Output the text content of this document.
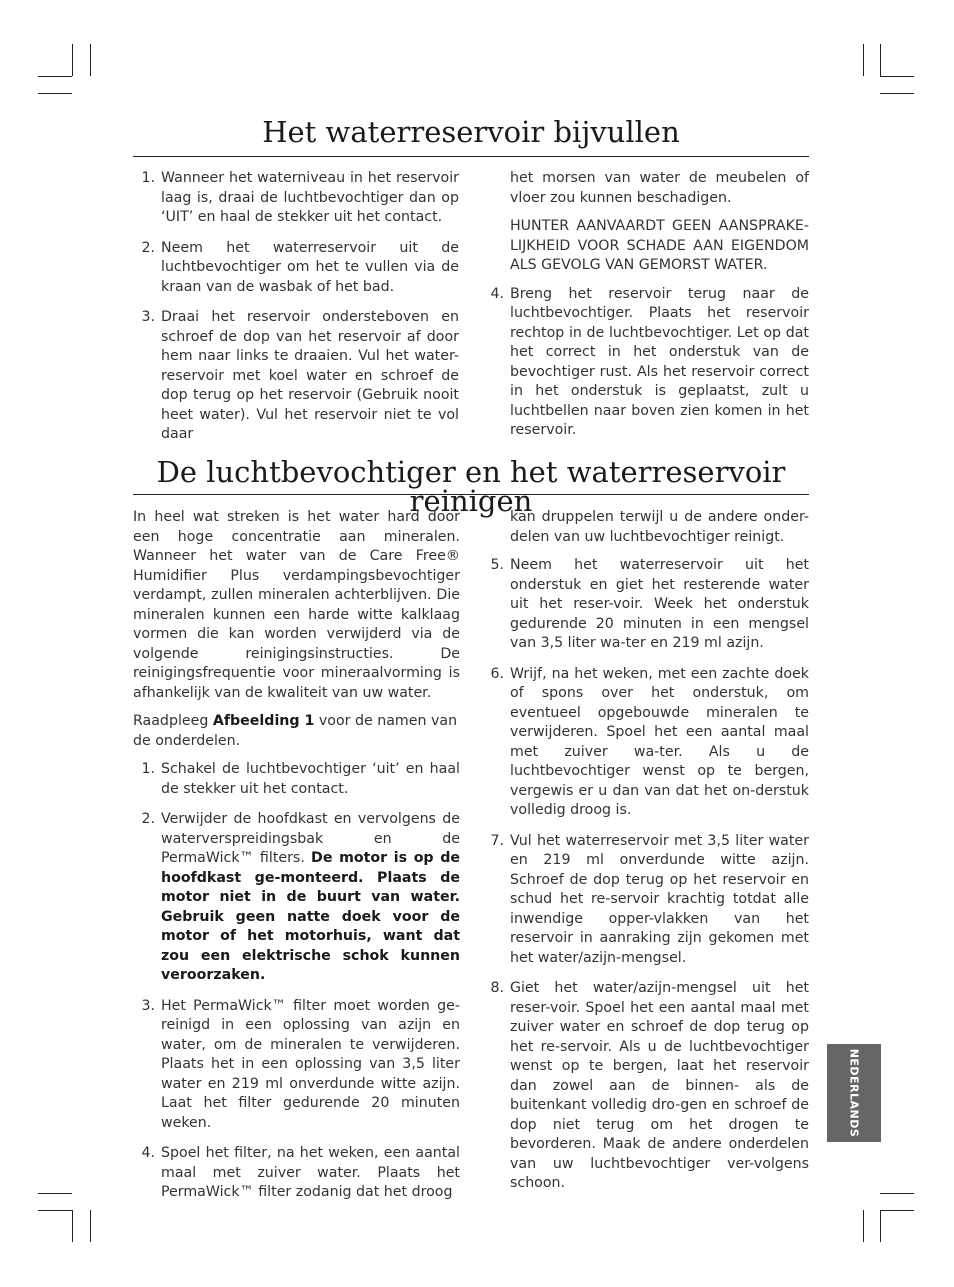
Het waterreservoir bijvullen
1. Wanneer het waterniveau in het reservoir laag is, draai de luchtbevochtiger dan op ‘UIT’ en haal de stekker uit het contact.
2. Neem het waterreservoir uit de luchtbevochtiger om het te vullen via de kraan van de wasbak of het bad.
3. Draai het reservoir ondersteboven en schroef de dop van het reservoir af door hem naar links te draaien. Vul het water-reservoir met koel water en schroef de dop terug op het reservoir (Gebruik nooit heet water). Vul het reservoir niet te vol daar

het morsen van water de meubelen of vloer zou kunnen beschadigen.

HUNTER AANVAARDT GEEN AANSPRAKE-LIJKHEID VOOR SCHADE AAN EIGENDOM ALS GEVOLG VAN GEMORST WATER.

4. Breng het reservoir terug naar de luchtbevochtiger. Plaats het reservoir rechtop in de luchtbevochtiger. Let op dat het correct in het onderstuk van de bevochtiger rust. Als het reservoir correct in het onderstuk is geplaatst, zult u luchtbellen naar boven zien komen in het reservoir.
De luchtbevochtiger en het waterreservoir reinigen

In heel wat streken is het water hard door een hoge concentratie aan mineralen. Wanneer het water van de Care Free® Humidifier Plus verdampingsbevochtiger verdampt, zullen mineralen achterblijven. Die mineralen kunnen een harde witte kalklaag vormen die kan worden verwijderd via de volgende reinigingsinstructies. De reinigingsfrequentie voor mineraalvorming is afhankelijk van de kwaliteit van uw water.

Raadpleeg Afbeelding 1 voor de namen van de onderdelen.

1. Schakel de luchtbevochtiger ‘uit’ en haal de stekker uit het contact.
2. Verwijder de hoofdkast en vervolgens de waterverspreidingsbak en de PermaWick™ filters. De motor is op de hoofdkast ge-monteerd. Plaats de motor niet in de buurt van water. Gebruik geen natte doek voor de motor of het motorhuis, want dat zou een elektrische schok kunnen veroorzaken.
3. Het PermaWick™ filter moet worden ge-reinigd in een oplossing van azijn en water, om de mineralen te verwijderen. Plaats het in een oplossing van 3,5 liter water en 219 ml onverdunde witte azijn. Laat het filter gedurende 20 minuten weken.
4. Spoel het filter, na het weken, een aantal maal met zuiver water. Plaats het PermaWick™ filter zodanig dat het droog

kan druppelen terwijl u de andere onder-delen van uw luchtbevochtiger reinigt.

5. Neem het waterreservoir uit het onderstuk en giet het resterende water uit het reser-voir. Week het onderstuk gedurende 20 minuten in een mengsel van 3,5 liter wa-ter en 219 ml azijn.
6. Wrijf, na het weken, met een zachte doek of spons over het onderstuk, om eventueel opgebouwde mineralen te verwijderen. Spoel het een aantal maal met zuiver wa-ter. Als u de luchtbevochtiger wenst op te bergen, vergewis er u dan van dat het on-derstuk volledig droog is.
7. Vul het waterreservoir met 3,5 liter water en 219 ml onverdunde witte azijn. Schroef de dop terug op het reservoir en schud het re-servoir krachtig totdat alle inwendige opper-vlakken van het reservoir in aanraking zijn gekomen met het water/azijn-mengsel.
8. Giet het water/azijn-mengsel uit het reser-voir. Spoel het een aantal maal met zuiver water en schroef de dop terug op het re-servoir. Als u de luchtbevochtiger wenst op te bergen, laat het reservoir dan zowel aan de binnen- als de buitenkant volledig dro-gen en schroef de dop niet terug om het drogen te bevorderen. Maak de andere onderdelen van uw luchtbevochtiger ver-volgens schoon.
NEDERLANDS
